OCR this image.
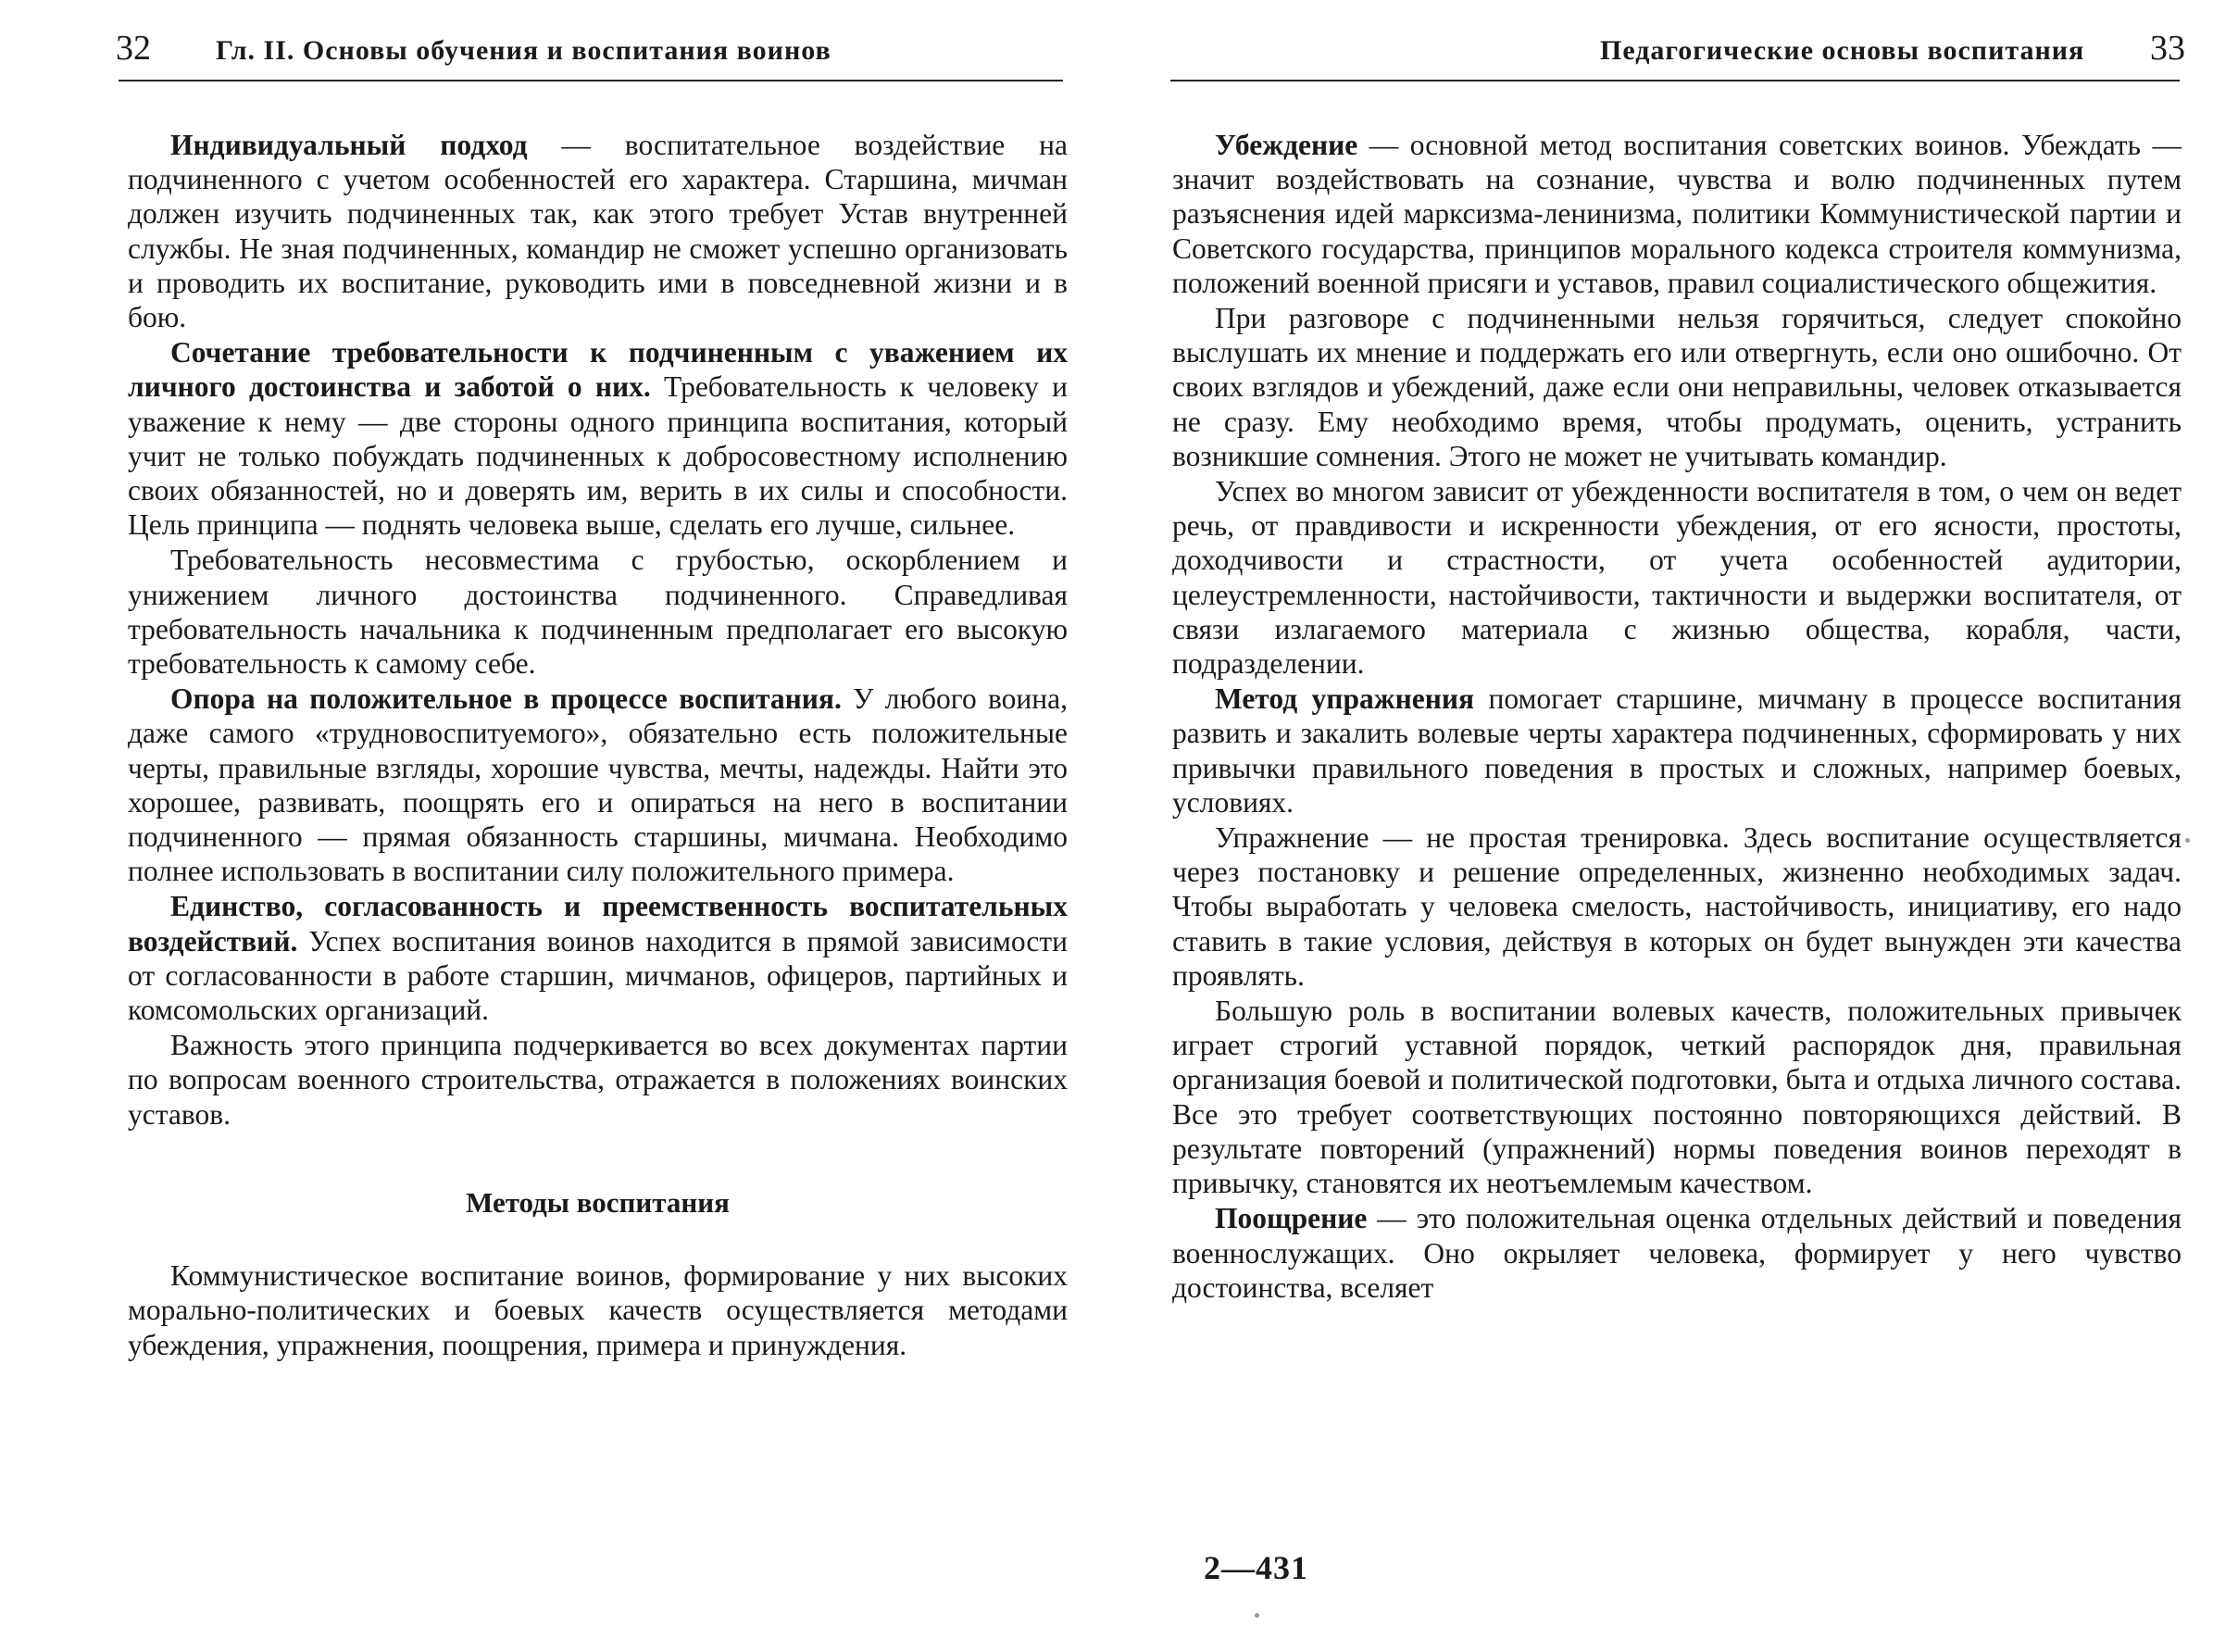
32 Гл. II. Основы обучения и воспитания воинов

Индивидуальный подход — воспитательное воздействие на подчиненного с учетом особенностей его характера. Старшина, мичман должен изучить подчиненных так, как этого требует Устав внутренней службы. Не зная подчиненных, командир не сможет успешно организовать и проводить их воспитание, руководить ими в повседневной жизни и в бою.

Сочетание требовательности к подчиненным с уважением их личного достоинства и заботой о них. Требовательность к человеку и уважение к нему — две стороны одного принципа воспитания, который учит не только побуждать подчиненных к добросовестному исполнению своих обязанностей, но и доверять им, верить в их силы и способности. Цель принципа — поднять человека выше, сделать его лучше, сильнее.

Требовательность несовместима с грубостью, оскорблением и унижением личного достоинства подчиненного. Справедливая требовательность начальника к подчиненным предполагает его высокую требовательность к самому себе.

Опора на положительное в процессе воспитания. У любого воина, даже самого «трудновоспитуемого», обязательно есть положительные черты, правильные взгляды, хорошие чувства, мечты, надежды. Найти это хорошее, развивать, поощрять его и опираться на него в воспитании подчиненного — прямая обязанность старшины, мичмана. Необходимо полнее использовать в воспитании силу положительного примера.

Единство, согласованность и преемственность воспитательных воздействий. Успех воспитания воинов находится в прямой зависимости от согласованности в работе старшин, мичманов, офицеров, партийных и комсомольских организаций.

Важность этого принципа подчеркивается во всех документах партии по вопросам военного строительства, отражается в положениях воинских уставов.

Методы воспитания

Коммунистическое воспитание воинов, формирование у них высоких морально-политических и боевых качеств осуществляется методами убеждения, упражнения, поощрения, примера и принуждения.

Педагогические основы воспитания 33

Убеждение — основной метод воспитания советских воинов. Убеждать — значит воздействовать на сознание, чувства и волю подчиненных путем разъяснения идей марксизма-ленинизма, политики Коммунистической партии и Советского государства, принципов морального кодекса строителя коммунизма, положений военной присяги и уставов, правил социалистического общежития.

При разговоре с подчиненными нельзя горячиться, следует спокойно выслушать их мнение и поддержать его или отвергнуть, если оно ошибочно. От своих взглядов и убеждений, даже если они неправильны, человек отказывается не сразу. Ему необходимо время, чтобы продумать, оценить, устранить возникшие сомнения. Этого не может не учитывать командир.

Успех во многом зависит от убежденности воспитателя в том, о чем он ведет речь, от правдивости и искренности убеждения, от его ясности, простоты, доходчивости и страстности, от учета особенностей аудитории, целеустремленности, настойчивости, тактичности и выдержки воспитателя, от связи излагаемого материала с жизнью общества, корабля, части, подразделении.

Метод упражнения помогает старшине, мичману в процессе воспитания развить и закалить волевые черты характера подчиненных, сформировать у них привычки правильного поведения в простых и сложных, например боевых, условиях.

Упражнение — не простая тренировка. Здесь воспитание осуществляется через постановку и решение определенных, жизненно необходимых задач. Чтобы выработать у человека смелость, настойчивость, инициативу, его надо ставить в такие условия, действуя в которых он будет вынужден эти качества проявлять.

Большую роль в воспитании волевых качеств, положительных привычек играет строгий уставной порядок, четкий распорядок дня, правильная организация боевой и политической подготовки, быта и отдыха личного состава. Все это требует соответствующих постоянно повторяющихся действий. В результате повторений (упражнений) нормы поведения воинов переходят в привычку, становятся их неотъемлемым качеством.

Поощрение — это положительная оценка отдельных действий и поведения военнослужащих. Оно окрыляет человека, формирует у него чувство достоинства, вселяет

2—431
